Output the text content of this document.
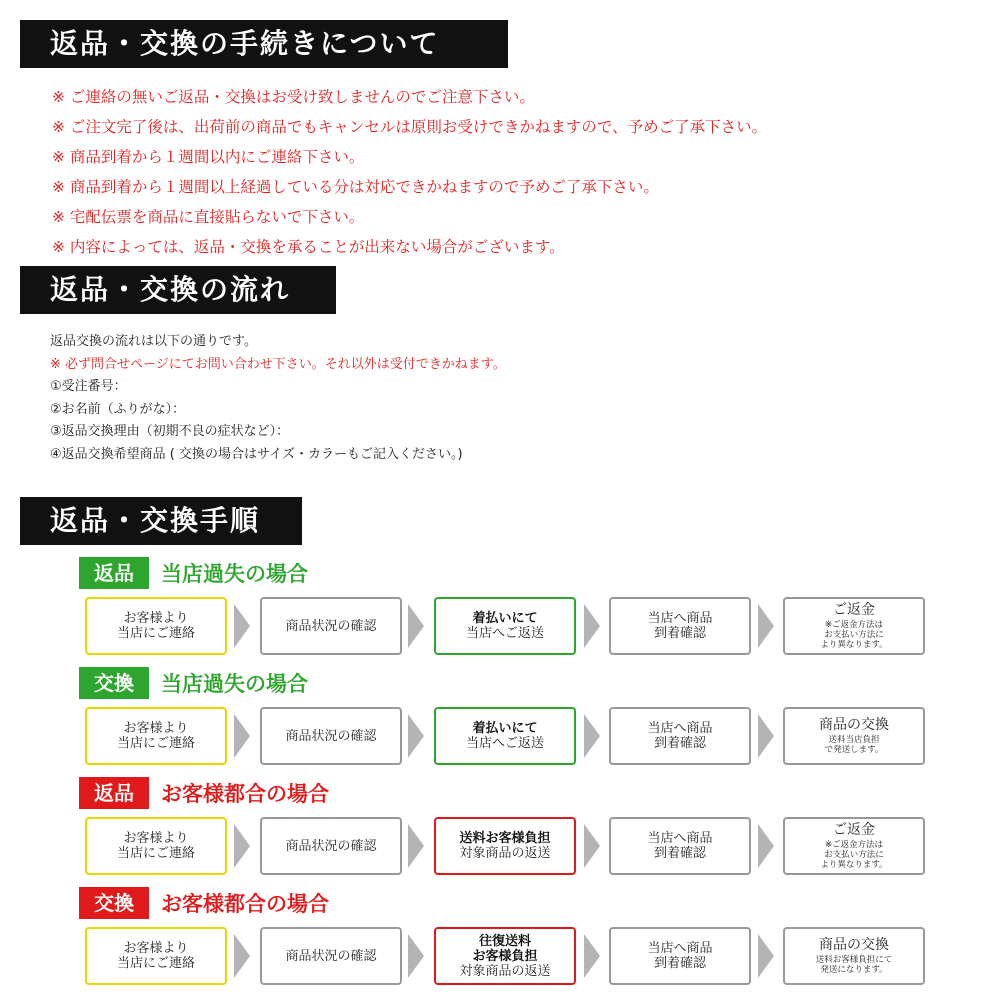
返品・交換の手続きについて
※ ご連絡の無いご返品・交換はお受け致しませんのでご注意下さい。
※ ご注文完了後は、出荷前の商品でもキャンセルは原則お受けできかねますので、予めご了承下さい。
※ 商品到着から１週間以内にご連絡下さい。
※ 商品到着から１週間以上経過している分は対応できかねますので予めご了承下さい。
※ 宅配伝票を商品に直接貼らないで下さい。
※ 内容によっては、返品・交換を承ることが出来ない場合がございます。
返品・交換の流れ
返品交換の流れは以下の通りです。
※ 必ず問合せページにてお問い合わせ下さい。それ以外は受付できかねます。
①受注番号：
②お名前（ふりがな）：
③返品交換理由（初期不良の症状など）：
④返品交換希望商品 ( 交換の場合はサイズ・カラーもご記入ください。)
返品・交換手順
返品	当店過失の場合
お客様より
当店にご連絡	商品状況の確認	着払いにて
当店へご返送
当店へ商品
到着確認
ご返金
※ご返金方法は
お支払い方法に
より異なります。
交換	当店過失の場合
お客様より
当店にご連絡	商品状況の確認	着払いにて
当店へご返送
当店へ商品
到着確認
商品の交換
送料当店負担
で発送します。
返品	お客様都合の場合
お客様より
当店にご連絡	商品状況の確認	送料お客様負担
対象商品の返送
当店へ商品
到着確認
ご返金
※ご返金方法は
お支払い方法に
より異なります。
交換	お客様都合の場合
お客様より
当店にご連絡	商品状況の確認
往復送料
お客様負担
対象商品の返送
当店へ商品
到着確認
商品の交換
送料お客様負担にて
発送になります。
